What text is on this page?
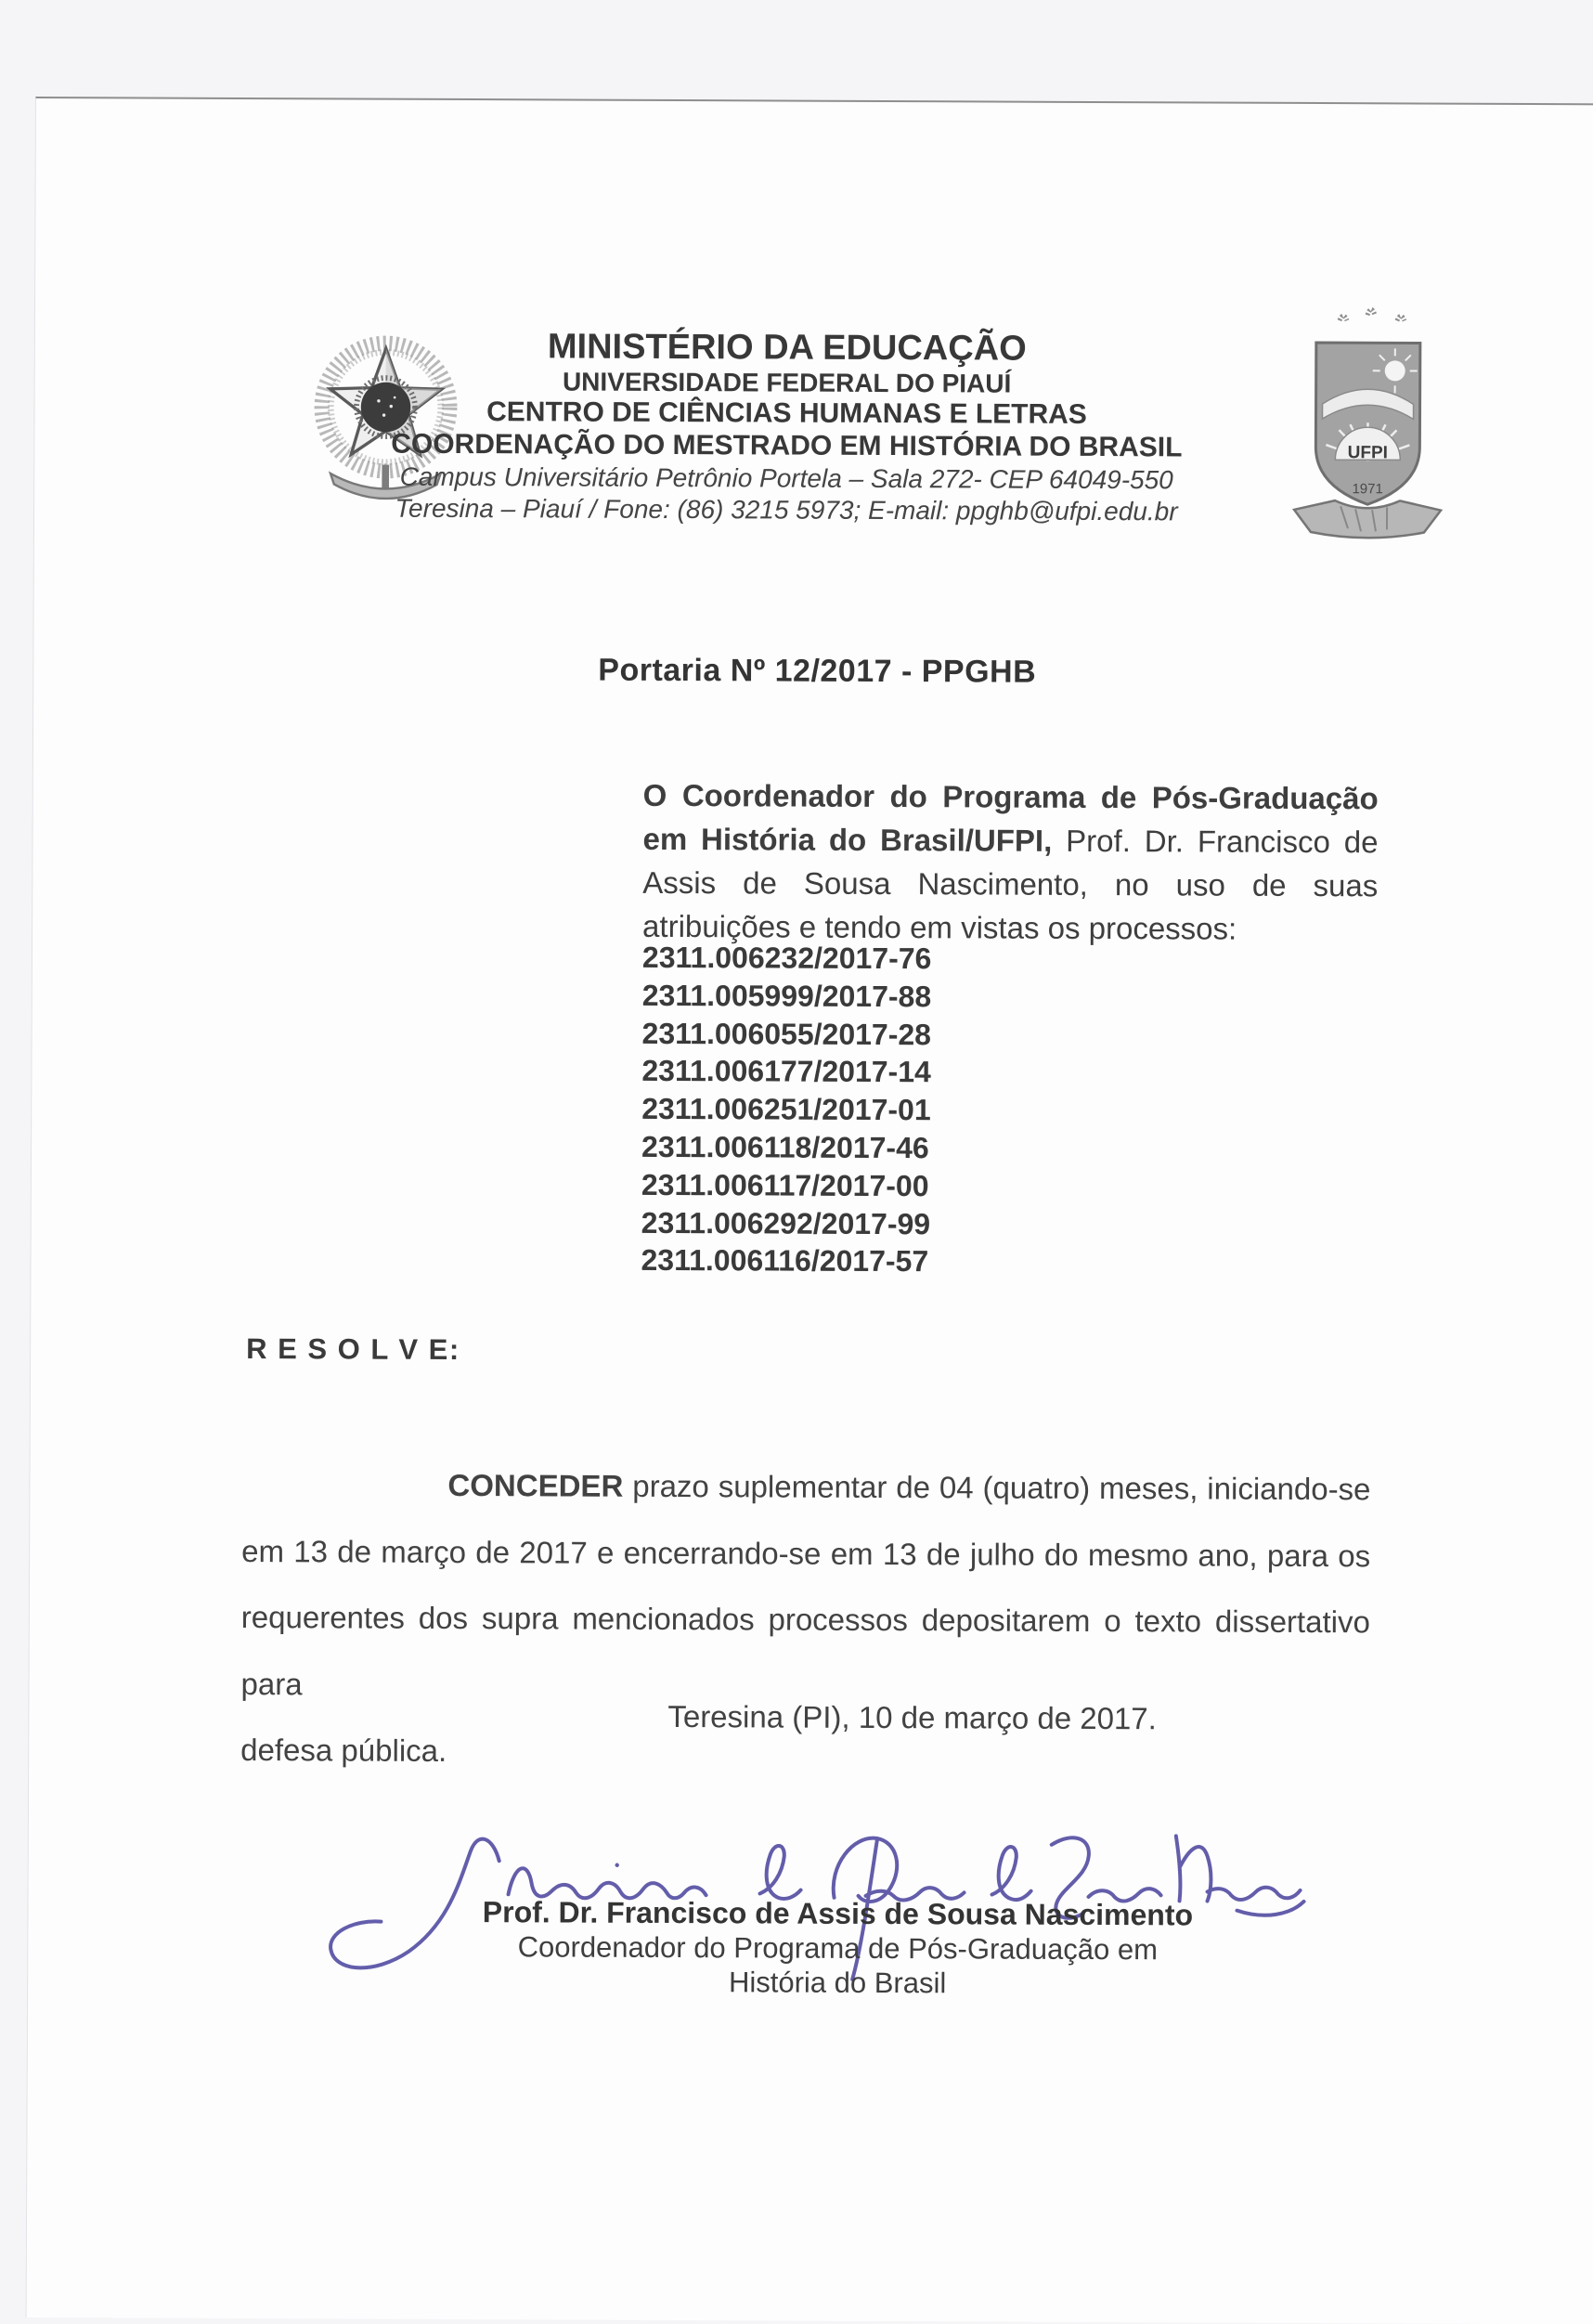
MINISTÉRIO DA EDUCAÇÃO
UNIVERSIDADE FEDERAL DO PIAUÍ
CENTRO DE CIÊNCIAS HUMANAS E LETRAS
COORDENAÇÃO DO MESTRADO EM HISTÓRIA DO BRASIL
Campus Universitário Petrônio Portela – Sala 272- CEP 64049-550
Teresina – Piauí / Fone: (86) 3215 5973; E-mail: ppghb@ufpi.edu.br
UFPI
1971
Portaria Nº 12/2017 - PPGHB
O Coordenador do Programa de Pós-Graduação
em História do Brasil/UFPI, Prof. Dr. Francisco de
Assis de Sousa Nascimento, no uso de suas
atribuições e tendo em vistas os processos:
2311.006232/2017-76
2311.005999/2017-88
2311.006055/2017-28
2311.006177/2017-14
2311.006251/2017-01
2311.006118/2017-46
2311.006117/2017-00
2311.006292/2017-99
2311.006116/2017-57
R E S O L V E:
CONCEDER prazo suplementar de 04 (quatro) meses, iniciando-se
em 13 de março de 2017 e encerrando-se em 13 de julho do mesmo ano, para os
requerentes dos supra mencionados processos depositarem o texto dissertativo para
defesa pública.
Teresina (PI), 10 de março de 2017.
Prof. Dr. Francisco de Assis de Sousa Nascimento
Coordenador do Programa de Pós-Graduação em
História do Brasil
